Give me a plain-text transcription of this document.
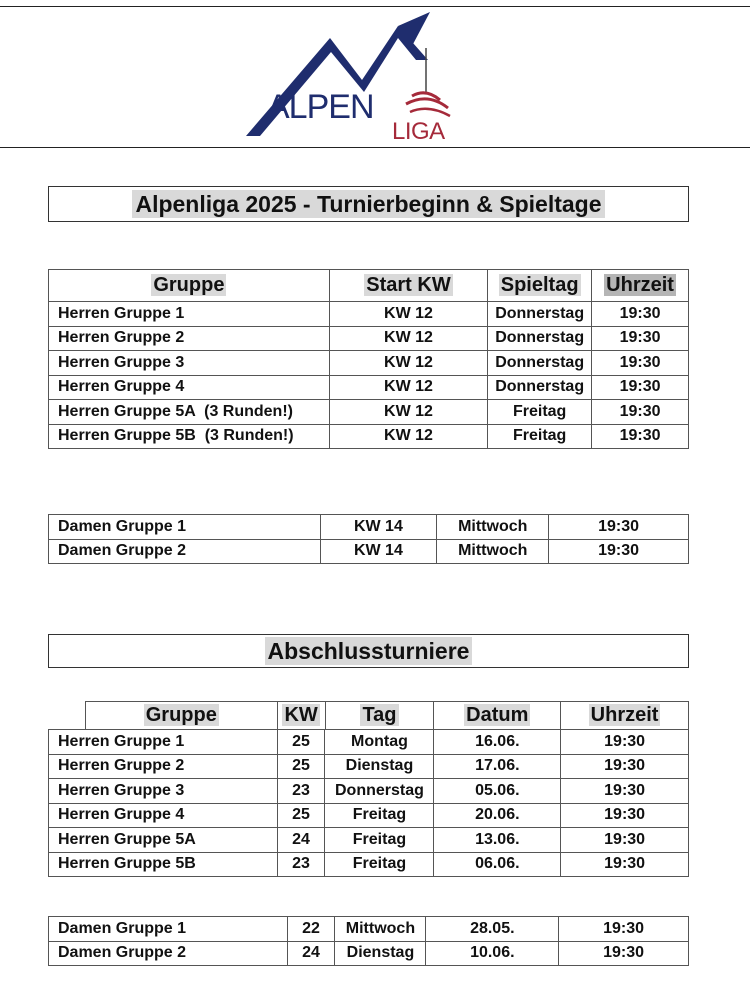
ALPEN
LIGA
Alpenliga 2025 - Turnierbeginn & Spieltage
Gruppe	Start KW	Spieltag	Uhrzeit
Herren Gruppe 1	KW 12	Donnerstag	19:30
Herren Gruppe 2	KW 12	Donnerstag	19:30
Herren Gruppe 3	KW 12	Donnerstag	19:30
Herren Gruppe 4	KW 12	Donnerstag	19:30
Herren Gruppe 5A  (3 Runden!)	KW 12	Freitag	19:30
Herren Gruppe 5B  (3 Runden!)	KW 12	Freitag	19:30
Damen Gruppe 1	KW 14	Mittwoch	19:30
Damen Gruppe 2	KW 14	Mittwoch	19:30
Abschlussturniere
Gruppe	KW	Tag	Datum	Uhrzeit
Herren Gruppe 1	25	Montag	16.06.	19:30
Herren Gruppe 2	25	Dienstag	17.06.	19:30
Herren Gruppe 3	23	Donnerstag	05.06.	19:30
Herren Gruppe 4	25	Freitag	20.06.	19:30
Herren Gruppe 5A	24	Freitag	13.06.	19:30
Herren Gruppe 5B	23	Freitag	06.06.	19:30
Damen Gruppe 1	22	Mittwoch	28.05.	19:30
Damen Gruppe 2	24	Dienstag	10.06.	19:30
